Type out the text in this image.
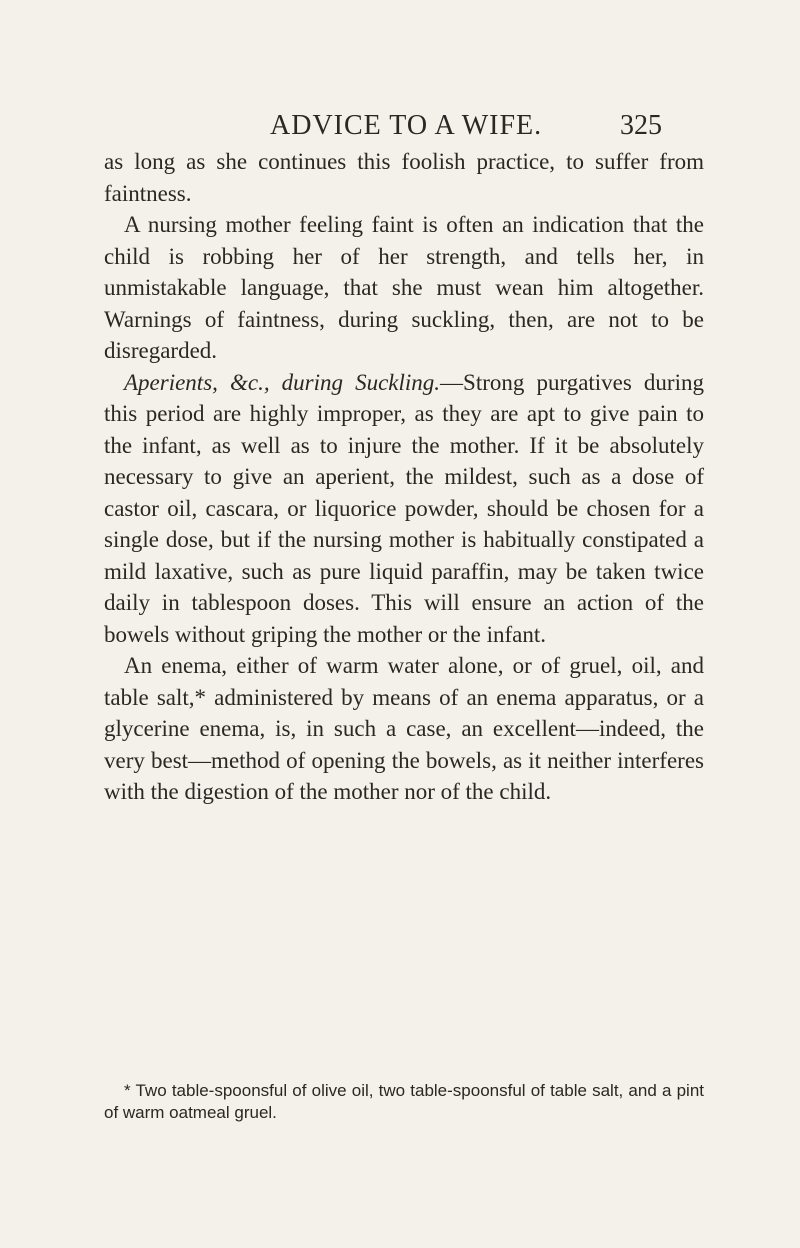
ADVICE TO A WIFE.	325

as long as she continues this foolish practice, to suffer from faintness.

A nursing mother feeling faint is often an indication that the child is robbing her of her strength, and tells her, in unmistakable language, that she must wean him altogether. Warnings of faintness, during suckling, then, are not to be disregarded.

Aperients, &c., during Suckling.—Strong purgatives during this period are highly improper, as they are apt to give pain to the infant, as well as to injure the mother. If it be absolutely necessary to give an aperient, the mildest, such as a dose of castor oil, cascara, or liquorice powder, should be chosen for a single dose, but if the nursing mother is habitually constipated a mild laxative, such as pure liquid paraffin, may be taken twice daily in tablespoon doses. This will ensure an action of the bowels without griping the mother or the infant.

An enema, either of warm water alone, or of gruel, oil, and table salt,* administered by means of an enema apparatus, or a glycerine enema, is, in such a case, an excellent—indeed, the very best—method of opening the bowels, as it neither interferes with the digestion of the mother nor of the child.

* Two table-spoonsful of olive oil, two table-spoonsful of table salt, and a pint of warm oatmeal gruel.
